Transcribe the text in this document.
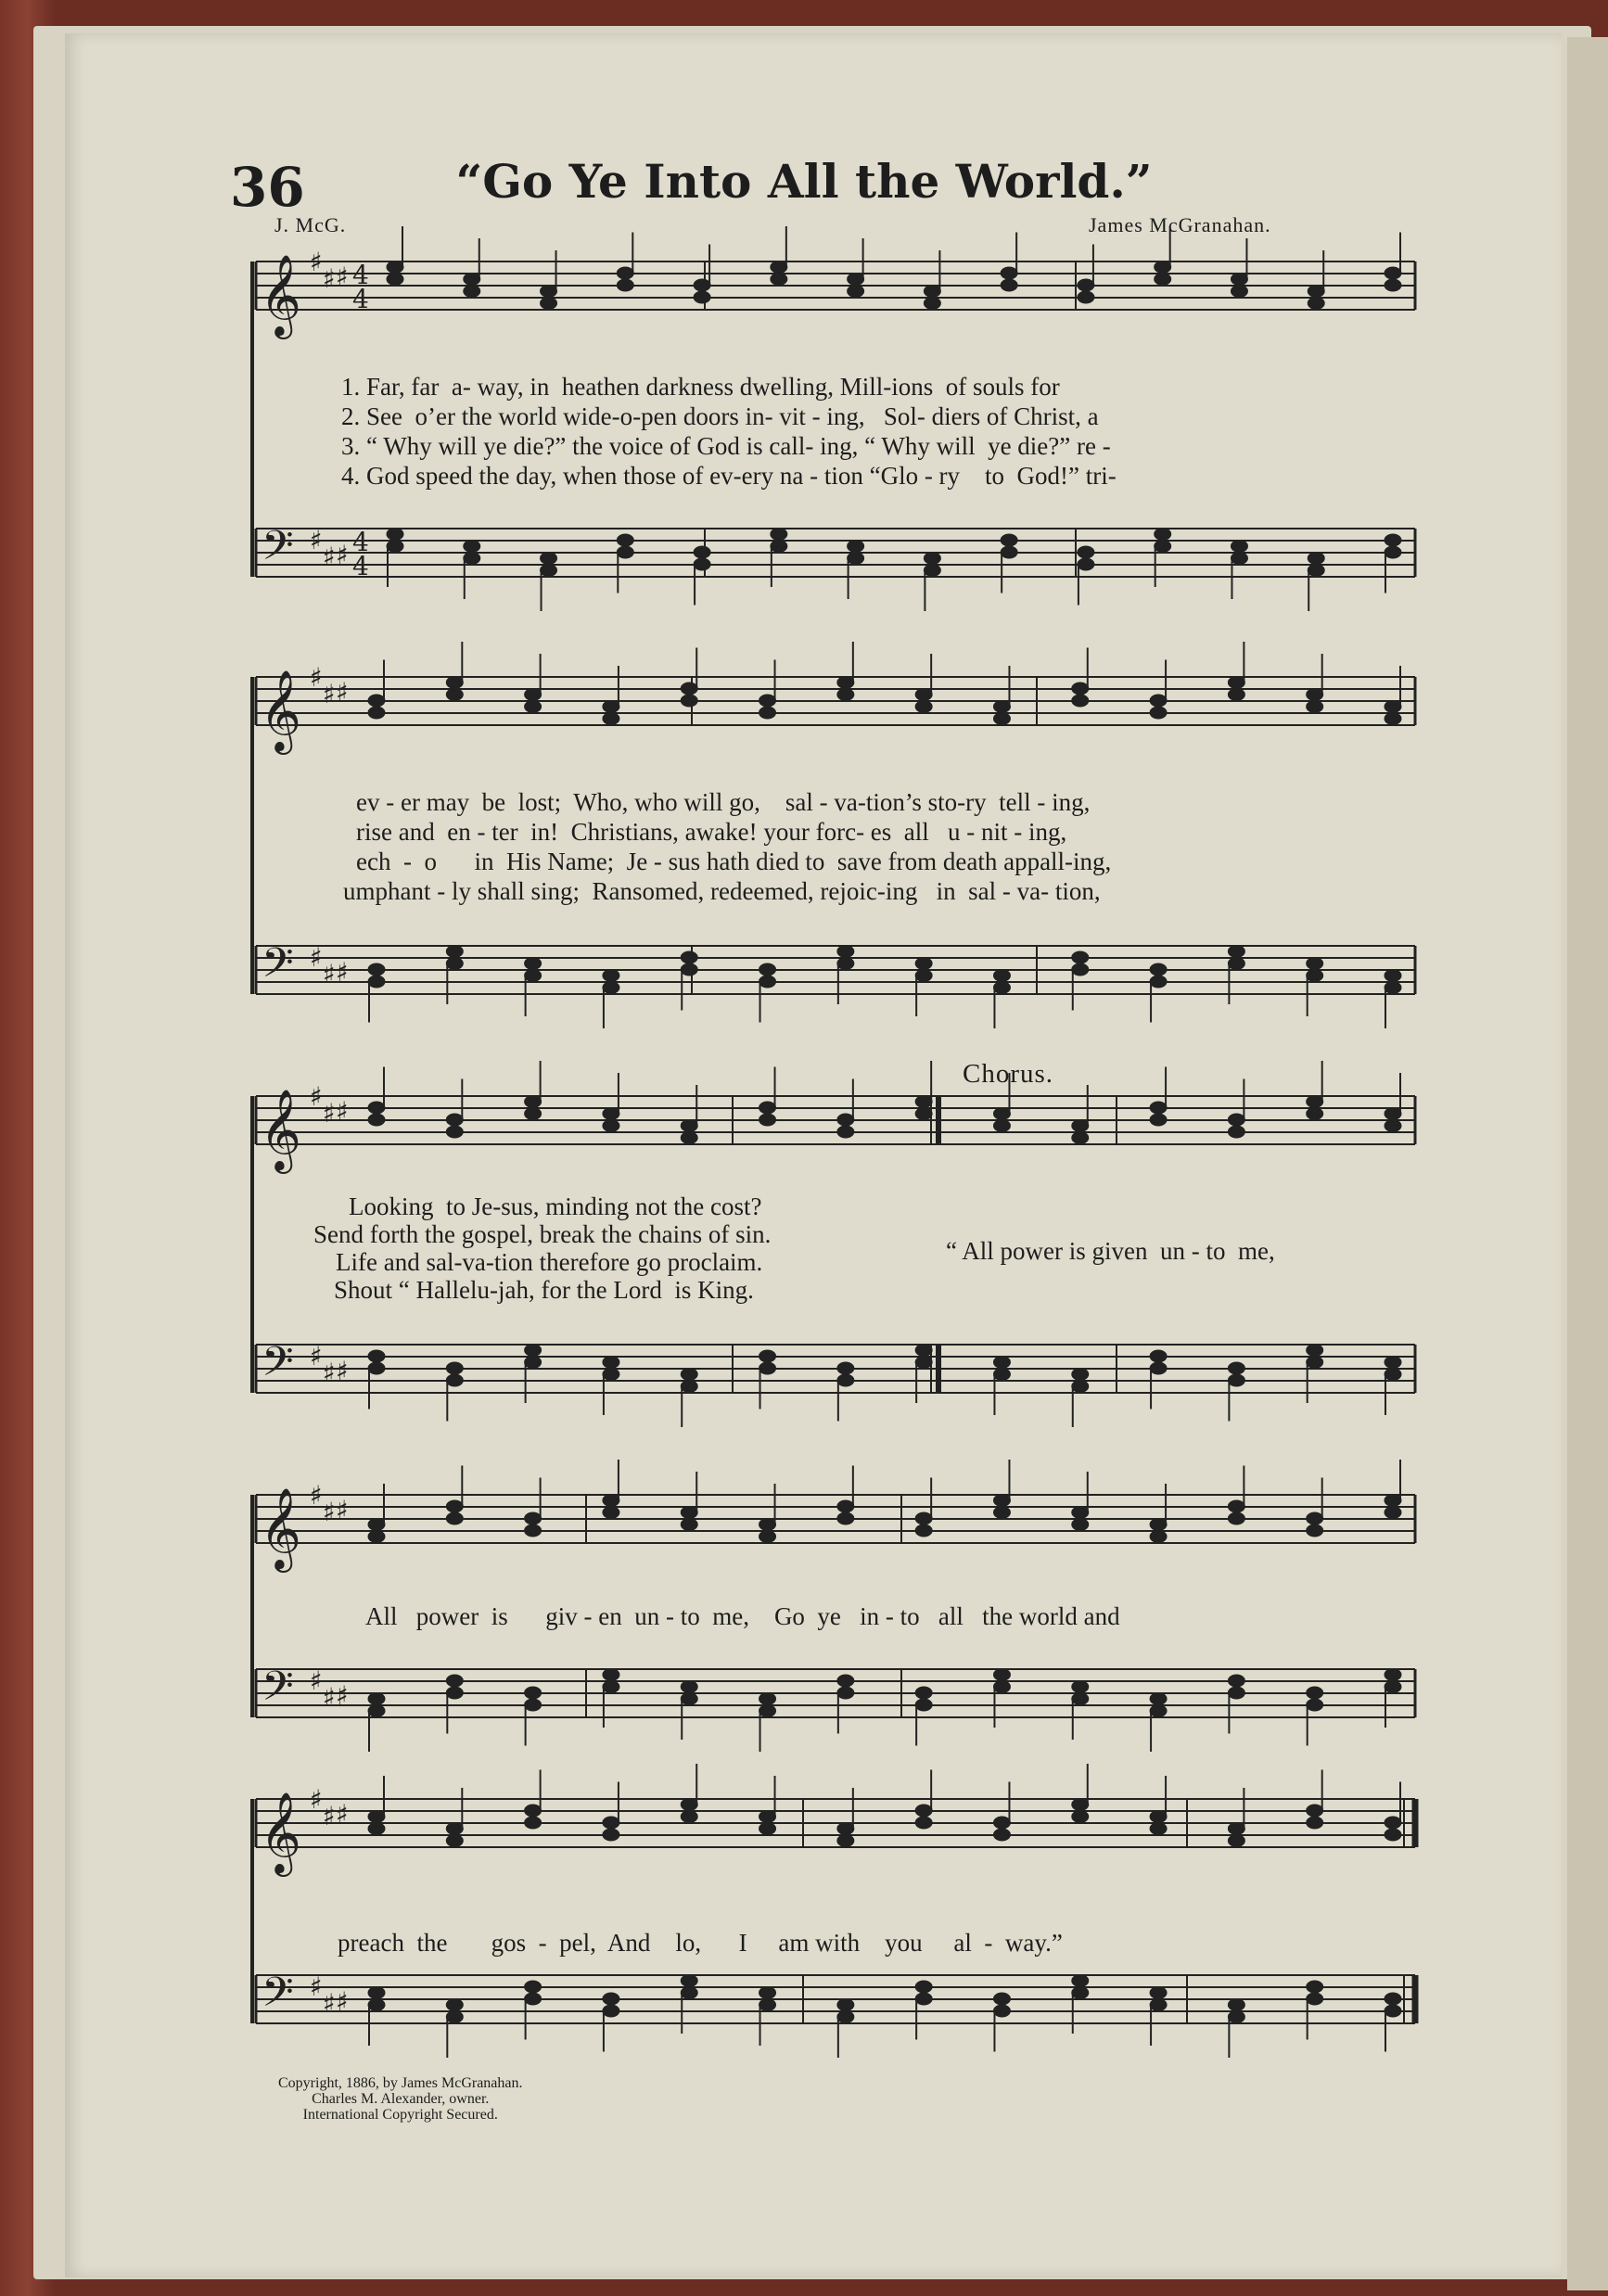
36	“Go Ye Into All the World.”
J. McG.	James McGranahan.
𝄞
𝄢
♯
♯
♯
♯
♯
♯
4
4
4
4
𝄞
𝄢
♯
♯
♯
♯
♯
♯
𝄞
𝄢
♯
♯
♯
♯
♯
♯
𝄞
𝄢
♯
♯
♯
♯
♯
♯
𝄞
𝄢
♯
♯
♯
♯
♯
♯
1. Far, far  a- way, in  heathen darkness dwelling, Mill-ions  of souls for
2. See  o’er the world wide-o-pen doors in- vit - ing,   Sol- diers of Christ, a
3. “ Why will ye die?” the voice of God is call- ing, “ Why will  ye die?” re -
4. God speed the day, when those of ev-ery na - tion “Glo - ry    to  God!” tri-
ev - er may  be  lost;  Who, who will go,    sal - va-tion’s sto-ry  tell - ing,
rise and  en - ter  in!  Christians, awake! your forc- es  all   u - nit - ing,
ech  -  o      in  His Name;  Je - sus hath died to  save from death appall-ing,
umphant - ly shall sing;  Ransomed, redeemed, rejoic-ing   in  sal - va- tion,
Chorus.
Looking  to Je-sus, minding not the cost?
Send forth the gospel, break the chains of sin.
Life and sal-va-tion therefore go proclaim.
Shout “ Hallelu-jah, for the Lord  is King.
“ All power is given  un - to  me,
All   power  is      giv - en  un - to  me,    Go  ye   in - to   all   the world and
preach  the       gos  -  pel,  And    lo,      I     am with    you     al  -  way.”
Copyright, 1886, by James McGranahan.
Charles M. Alexander, owner.
International Copyright Secured.
